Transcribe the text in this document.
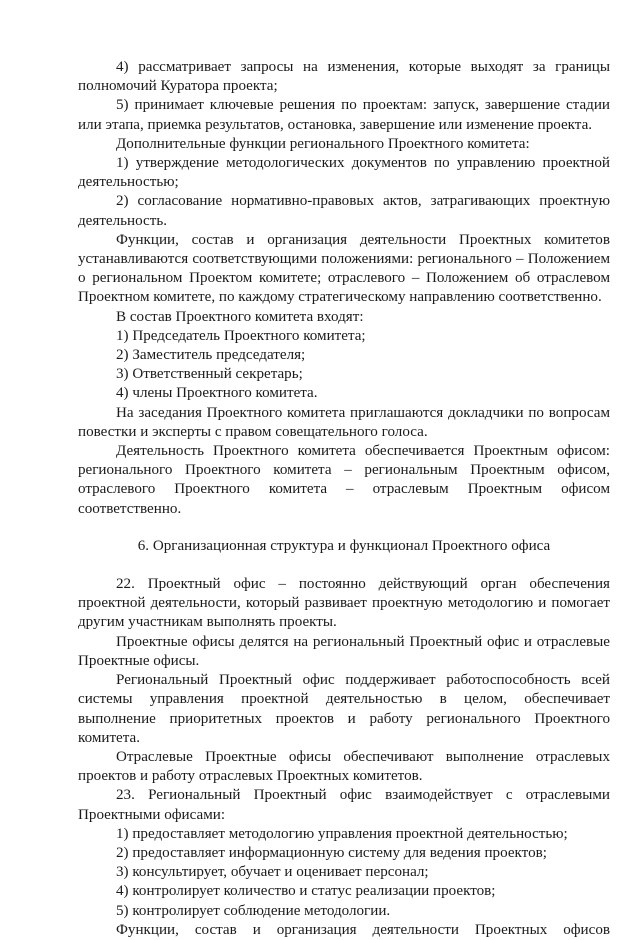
4) рассматривает запросы на изменения, которые выходят за границы полномочий Куратора проекта;

5) принимает ключевые решения по проектам: запуск, завершение стадии или этапа, приемка результатов, остановка, завершение или изменение проекта.

Дополнительные функции регионального Проектного комитета:

1) утверждение методологических документов по управлению проектной деятельностью;

2) согласование нормативно-правовых актов, затрагивающих проектную деятельность.

Функции, состав и организация деятельности Проектных комитетов устанавливаются соответствующими положениями: регионального – Положением о региональном Проектом комитете; отраслевого – Положением об отраслевом Проектном комитете, по каждому стратегическому направлению соответственно.

В состав Проектного комитета входят:

1) Председатель Проектного комитета;

2) Заместитель председателя;

3) Ответственный секретарь;

4) члены Проектного комитета.

На заседания Проектного комитета приглашаются докладчики по вопросам повестки и эксперты с правом совещательного голоса.

Деятельность Проектного комитета обеспечивается Проектным офисом: регионального Проектного комитета – региональным Проектным офисом, отраслевого Проектного комитета – отраслевым Проектным офисом соответственно.

6. Организационная структура и функционал Проектного офиса

22. Проектный офис – постоянно действующий орган обеспечения проектной деятельности, который развивает проектную методологию и помогает другим участникам выполнять проекты.

Проектные офисы делятся на региональный Проектный офис и отраслевые Проектные офисы.

Региональный Проектный офис поддерживает работоспособность всей системы управления проектной деятельностью в целом, обеспечивает выполнение приоритетных проектов и работу регионального Проектного комитета.

Отраслевые Проектные офисы обеспечивают выполнение отраслевых проектов и работу отраслевых Проектных комитетов.

23. Региональный Проектный офис взаимодействует с отраслевыми Проектными офисами:

1) предоставляет методологию управления проектной деятельностью;

2) предоставляет информационную систему для ведения проектов;

3) консультирует, обучает и оценивает персонал;

4) контролирует количество и статус реализации проектов;

5) контролирует соблюдение методологии.

Функции, состав и организация деятельности Проектных офисов
